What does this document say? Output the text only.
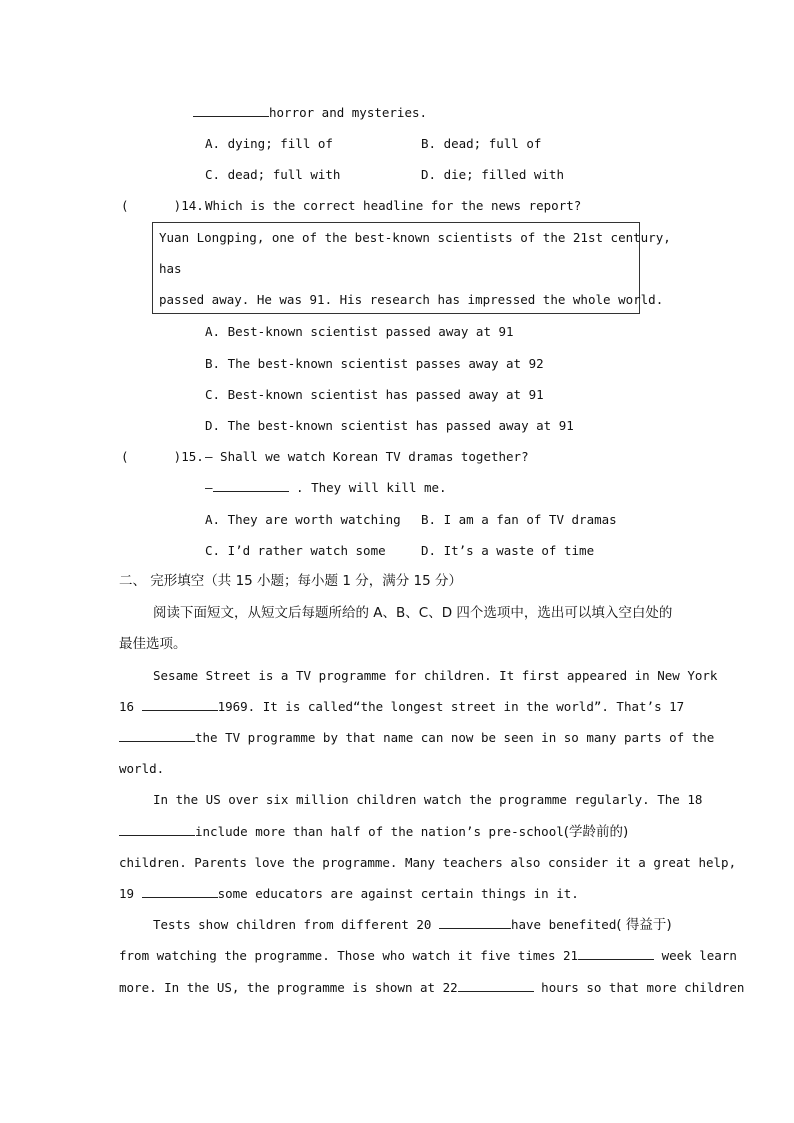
horror and mysteries.
A. dying; fill of	B. dead; full of
C. dead; full with	D. die; filled with
(      )14. Which is the correct headline for the news report?
Yuan Longping, one of the best-known scientists of the 21st century,
has
passed away. He was 91. His research has impressed the whole world.
A. Best-known scientist passed away at 91
B. The best-known scientist passes away at 92
C. Best-known scientist has passed away at 91
D. The best-known scientist has passed away at 91
(      )15. — Shall we watch Korean TV dramas together?
—	. They will kill me.
A. They are worth watching B. I am a fan of TV dramas
C. I’d rather watch some	D. It’s a waste of time
二、 完形填空（共 15 小题；每小题 1 分，满分 15 分）
阅读下面短文，从短文后每题所给的 A、B、C、D 四个选项中，选出可以填入空白处的
最佳选项。
Sesame Street is a TV programme for children. It first appeared in New York
16	1969. It is called“the longest street in the world”. That’s 17
the TV programme by that name can now be seen in so many parts of the
world.
In the US over six million children watch the programme regularly. The 18
include more than half of the nation’s pre-school(学龄前的)
children. Parents love the programme. Many teachers also consider it a great help,
19	some educators are against certain things in it.
Tests show children from different 20	have benefited( 得益于)
from watching the programme. Those who watch it five times 21	week learn
more. In the US, the programme is shown at 22	hours so that more children
